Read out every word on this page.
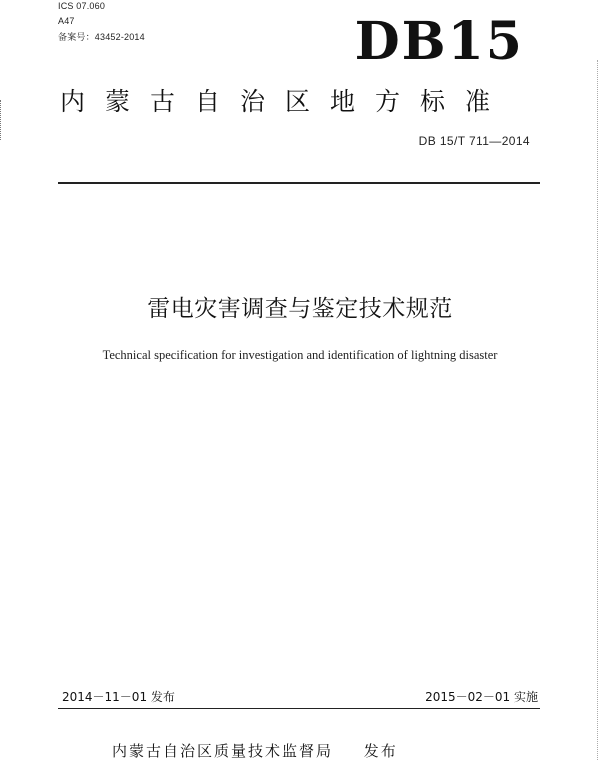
ICS 07.060
A47
备案号：43452-2014	DB15
内蒙古自治区地方标准
DB 15/T 711—2014
雷电灾害调查与鉴定技术规范
Technical specification for investigation and identification of lightning disaster
2014－11－01 发布	2015－02－01 实施
内蒙古自治区质量技术监督局 发布
